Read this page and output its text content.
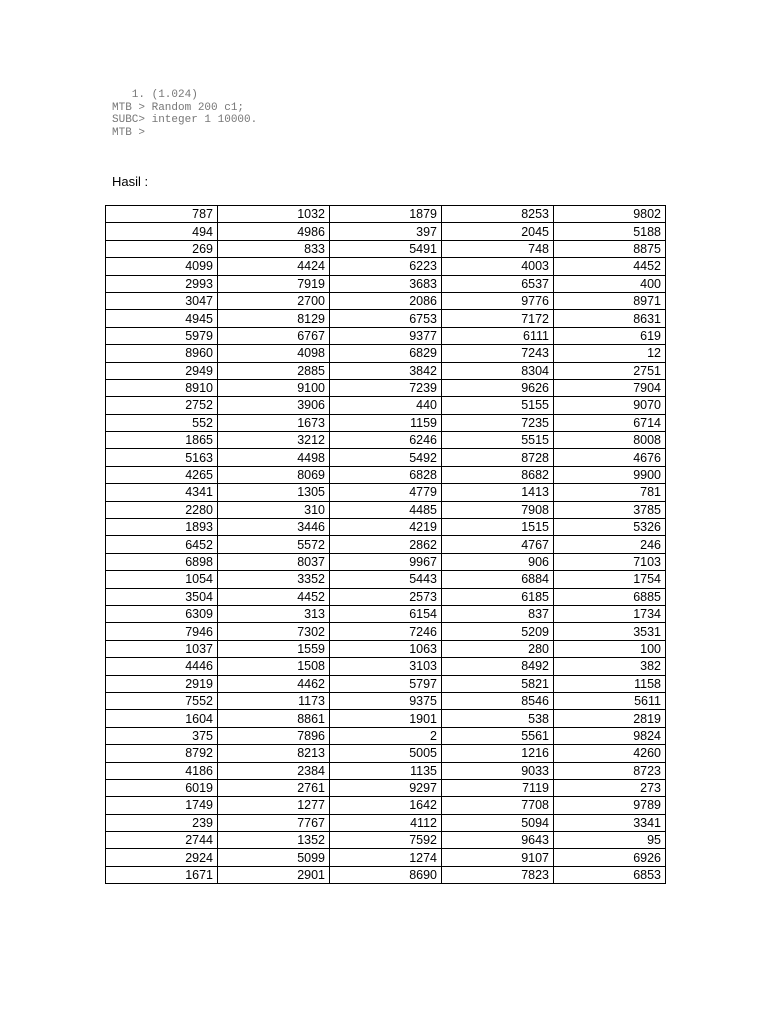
1. (1.024)
MTB > Random 200 c1;
SUBC> integer 1 10000.
MTB >
Hasil :
787	1032	1879	8253	9802
494	4986	397	2045	5188
269	833	5491	748	8875
4099	4424	6223	4003	4452
2993	7919	3683	6537	400
3047	2700	2086	9776	8971
4945	8129	6753	7172	8631
5979	6767	9377	6111	619
8960	4098	6829	7243	12
2949	2885	3842	8304	2751
8910	9100	7239	9626	7904
2752	3906	440	5155	9070
552	1673	1159	7235	6714
1865	3212	6246	5515	8008
5163	4498	5492	8728	4676
4265	8069	6828	8682	9900
4341	1305	4779	1413	781
2280	310	4485	7908	3785
1893	3446	4219	1515	5326
6452	5572	2862	4767	246
6898	8037	9967	906	7103
1054	3352	5443	6884	1754
3504	4452	2573	6185	6885
6309	313	6154	837	1734
7946	7302	7246	5209	3531
1037	1559	1063	280	100
4446	1508	3103	8492	382
2919	4462	5797	5821	1158
7552	1173	9375	8546	5611
1604	8861	1901	538	2819
375	7896	2	5561	9824
8792	8213	5005	1216	4260
4186	2384	1135	9033	8723
6019	2761	9297	7119	273
1749	1277	1642	7708	9789
239	7767	4112	5094	3341
2744	1352	7592	9643	95
2924	5099	1274	9107	6926
1671	2901	8690	7823	6853
